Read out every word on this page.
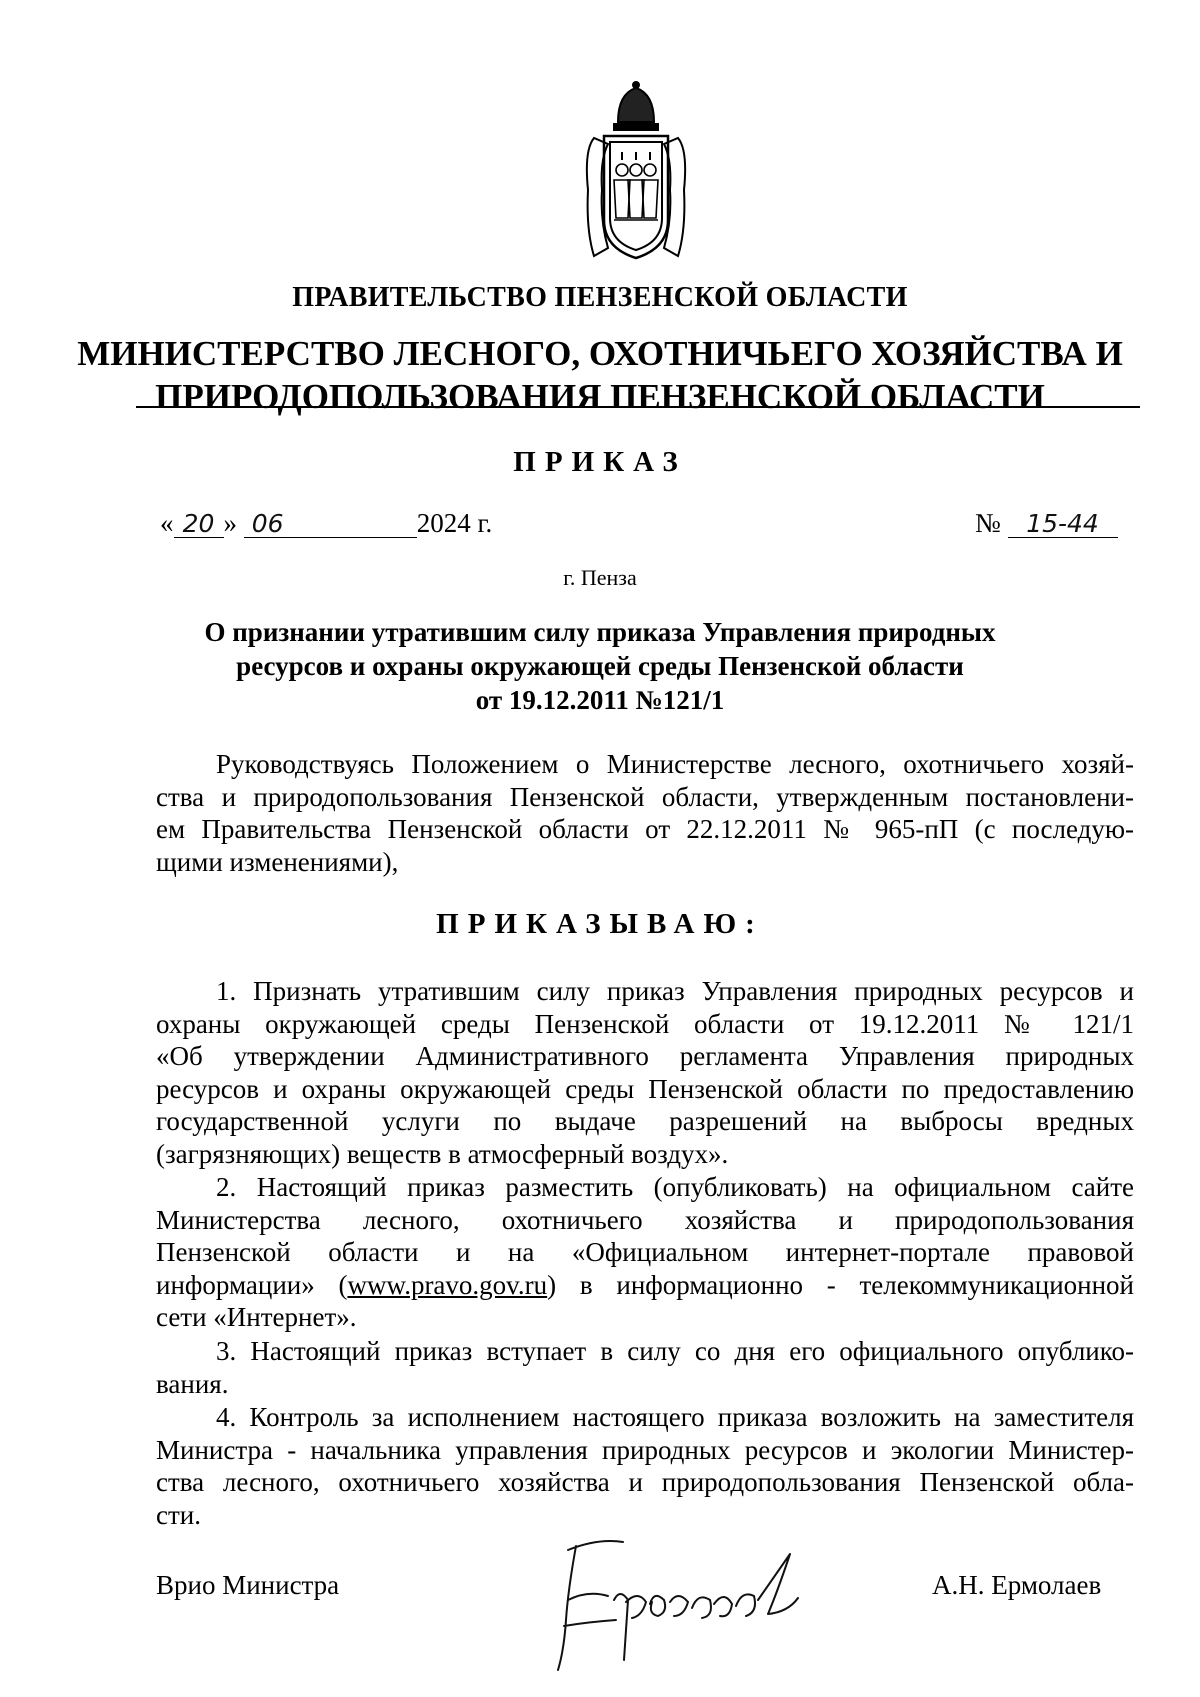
ПРАВИТЕЛЬСТВО ПЕНЗЕНСКОЙ ОБЛАСТИ
МИНИСТЕРСТВО ЛЕСНОГО, ОХОТНИЧЬЕГО ХОЗЯЙСТВА И
ПРИРОДОПОЛЬЗОВАНИЯ ПЕНЗЕНСКОЙ ОБЛАСТИ
ПРИКАЗ
« 20 » 06	2024 г.	№ 15-44
г. Пенза
О признании утратившим силу приказа Управления природных
ресурсов и охраны окружающей среды Пензенской области
от 19.12.2011 №121/1
Руководствуясь Положением о Министерстве лесного, охотничьего хозяй-
ства и природопользования Пензенской области, утвержденным постановлени-
ем Правительства Пензенской области от 22.12.2011 № 965-пП (с последую-
щими изменениями),
ПРИКАЗЫВАЮ:
1. Признать утратившим силу приказ Управления природных ресурсов и
охраны окружающей среды Пензенской области от 19.12.2011 № 121/1
«Об утверждении Административного регламента Управления природных
ресурсов и охраны окружающей среды Пензенской области по предоставлению
государственной услуги по выдаче разрешений на выбросы вредных
(загрязняющих) веществ в атмосферный воздух».
2. Настоящий приказ разместить (опубликовать) на официальном сайте
Министерства лесного, охотничьего хозяйства и природопользования
Пензенской области и на «Официальном интернет-портале правовой
информации» (www.pravo.gov.ru) в информационно - телекоммуникационной
сети «Интернет».
3. Настоящий приказ вступает в силу со дня его официального опублико-
вания.
4. Контроль за исполнением настоящего приказа возложить на заместителя
Министра - начальника управления природных ресурсов и экологии Министер-
ства лесного, охотничьего хозяйства и природопользования Пензенской обла-
сти.
Врио Министра	А.Н. Ермолаев
